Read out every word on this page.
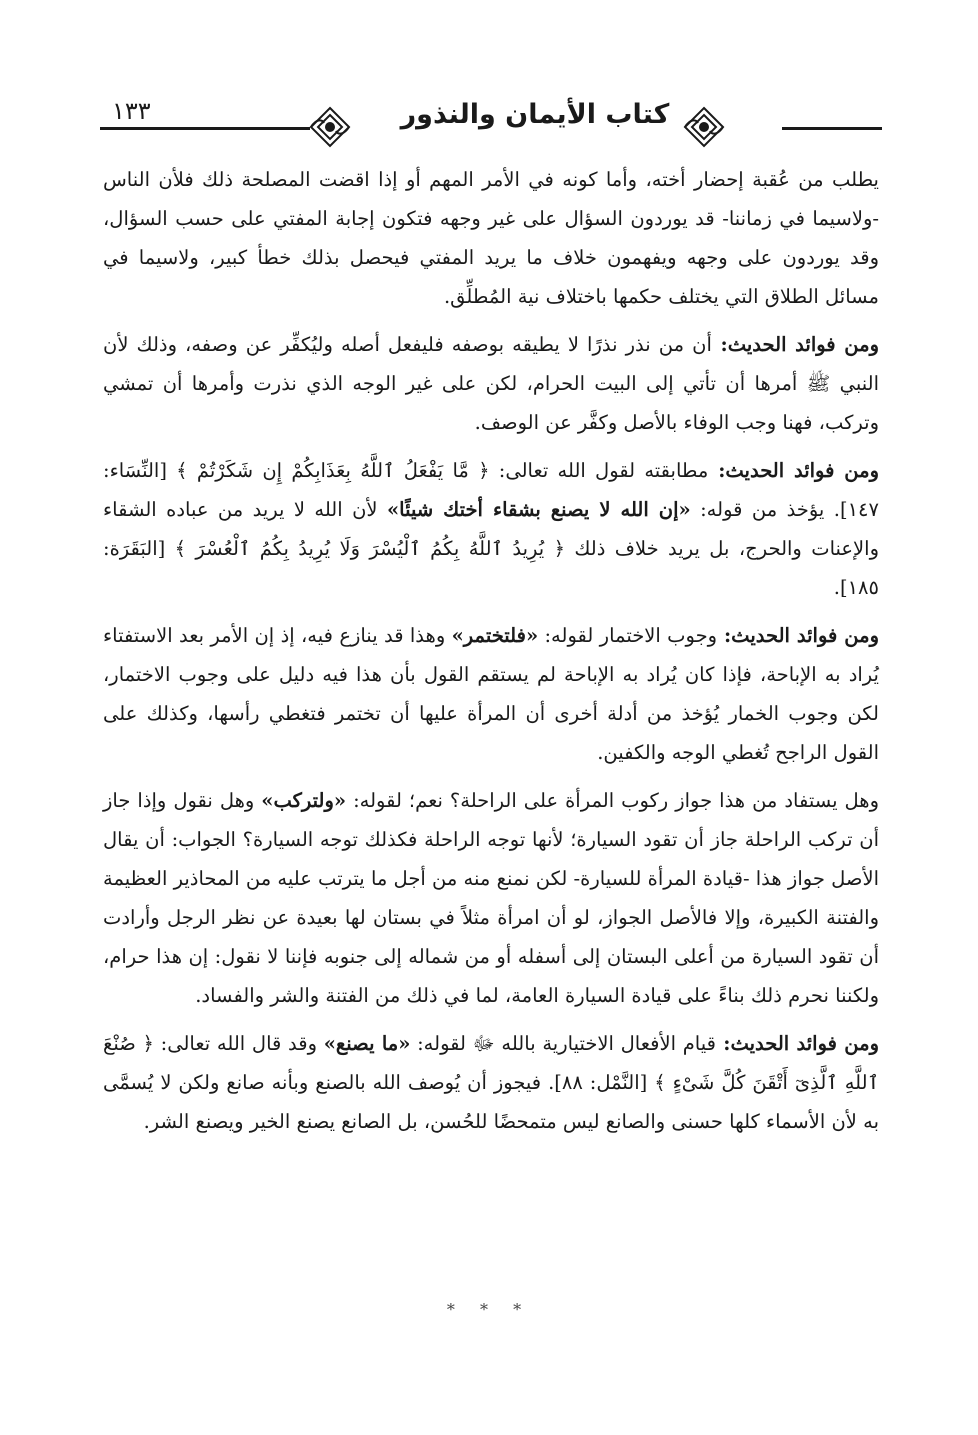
١٣٣	كتاب الأيمان والنذور

يطلب من عُقبة إحضار أخته، وأما كونه في الأمر المهم أو إذا اقضت المصلحة ذلك فلأن الناس -ولاسيما في زماننا- قد يوردون السؤال على غير وجهه فتكون إجابة المفتي على حسب السؤال، وقد يوردون على وجهه ويفهمون خلاف ما يريد المفتي فيحصل بذلك خطأ كبير، ولاسيما في مسائل الطلاق التي يختلف حكمها باختلاف نية المُطلِّق.

ومن فوائد الحديث: أن من نذر نذرًا لا يطيقه بوصفه فليفعل أصله وليُكفِّر عن وصفه، وذلك لأن النبي ﷺ أمرها أن تأتي إلى البيت الحرام، لكن على غير الوجه الذي نذرت وأمرها أن تمشي وتركب، فهنا وجب الوفاء بالأصل وكفَّر عن الوصف.

ومن فوائد الحديث: مطابقته لقول الله تعالى: ﴿ مَّا يَفْعَلُ ٱللَّهُ بِعَذَابِكُمْ إِن شَكَرْتُمْ ﴾ [النِّسَاء: ١٤٧]. يؤخذ من قوله: «إن الله لا يصنع بشقاء أختك شيئًا» لأن الله لا يريد من عباده الشقاء والإعنات والحرج، بل يريد خلاف ذلك ﴿ يُرِيدُ ٱللَّهُ بِكُمُ ٱلْيُسْرَ وَلَا يُرِيدُ بِكُمُ ٱلْعُسْرَ ﴾ [البَقَرَة: ١٨٥].

ومن فوائد الحديث: وجوب الاختمار لقوله: «فلتختمر» وهذا قد ينازع فيه، إذ إن الأمر بعد الاستفتاء يُراد به الإباحة، فإذا كان يُراد به الإباحة لم يستقم القول بأن هذا فيه دليل على وجوب الاختمار، لكن وجوب الخمار يُؤخذ من أدلة أخرى أن المرأة عليها أن تختمر فتغطي رأسها، وكذلك على القول الراجح تُغطي الوجه والكفين.

وهل يستفاد من هذا جواز ركوب المرأة على الراحلة؟ نعم؛ لقوله: «ولتركب» وهل نقول وإذا جاز أن تركب الراحلة جاز أن تقود السيارة؛ لأنها توجه الراحلة فكذلك توجه السيارة؟ الجواب: أن يقال الأصل جواز هذا -قيادة المرأة للسيارة- لكن نمنع منه من أجل ما يترتب عليه من المحاذير العظيمة والفتنة الكبيرة، وإلا فالأصل الجواز، لو أن امرأة مثلاً في بستان لها بعيدة عن نظر الرجل وأرادت أن تقود السيارة من أعلى البستان إلى أسفله أو من شماله إلى جنوبه فإننا لا نقول: إن هذا حرام، ولكننا نحرم ذلك بناءً على قيادة السيارة العامة، لما في ذلك من الفتنة والشر والفساد.

ومن فوائد الحديث: قيام الأفعال الاختيارية بالله ﷻ لقوله: «ما يصنع» وقد قال الله تعالى: ﴿ صُنْعَ ٱللَّهِ ٱلَّذِىٓ أَتْقَنَ كُلَّ شَىْءٍ ﴾ [النَّمْل: ٨٨]. فيجوز أن يُوصف الله بالصنع وبأنه صانع ولكن لا يُسمَّى به لأن الأسماء كلها حسنى والصانع ليس متمحضًا للحُسن، بل الصانع يصنع الخير ويصنع الشر.

* * *
